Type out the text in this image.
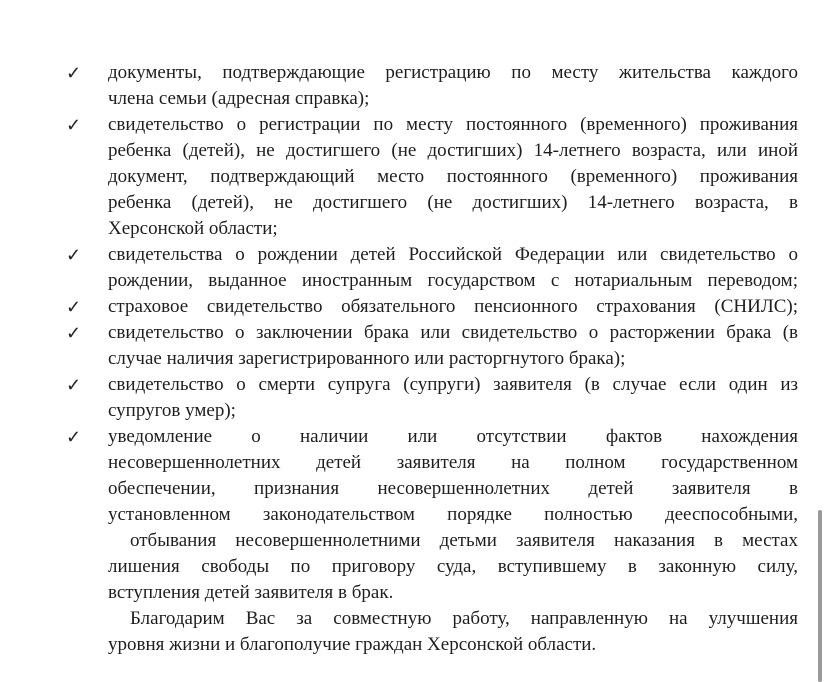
✓ документы, подтверждающие регистрацию по месту жительства каждого
члена семьи (адресная справка);
✓ свидетельство о регистрации по месту постоянного (временного) проживания
ребенка (детей), не достигшего (не достигших) 14-летнего возраста, или иной
документ, подтверждающий место постоянного (временного) проживания
ребенка (детей), не достигшего (не достигших) 14-летнего возраста, в
Херсонской области;
✓ свидетельства о рождении детей Российской Федерации или свидетельство о
рождении, выданное иностранным государством с нотариальным переводом;
✓ страховое свидетельство обязательного пенсионного страхования (СНИЛС);
✓ свидетельство о заключении брака или свидетельство о расторжении брака (в
случае наличия зарегистрированного или расторгнутого брака);
✓ свидетельство о смерти супруга (супруги) заявителя (в случае если один из
супругов умер);
✓ уведомление о наличии или отсутствии фактов нахождения
несовершеннолетних детей заявителя на полном государственном
обеспечении, признания несовершеннолетних детей заявителя в
установленном законодательством порядке полностью дееспособными,
отбывания несовершеннолетними детьми заявителя наказания в местах
лишения свободы по приговору суда, вступившему в законную силу,
вступления детей заявителя в брак.
Благодарим Вас за совместную работу, направленную на улучшения
уровня жизни и благополучие граждан Херсонской области.
